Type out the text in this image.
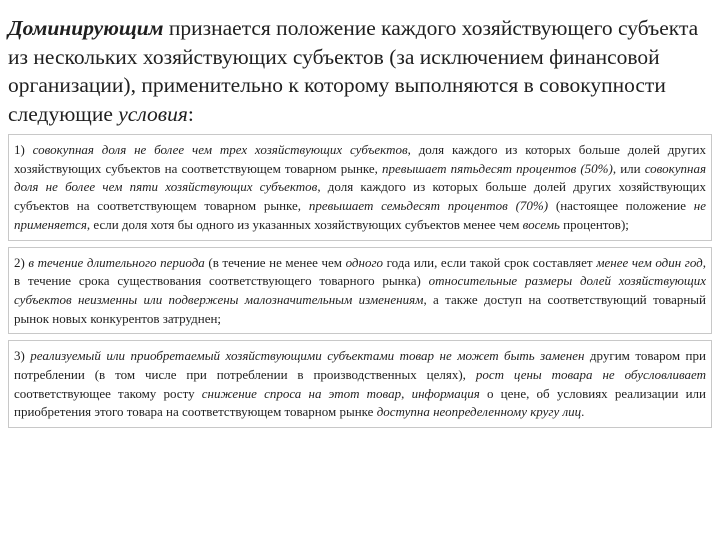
Доминирующим признается положение каждого хозяйствующего субъекта из нескольких хозяйствующих субъектов (за исключением финансовой организации), применительно к которому выполняются в совокупности следующие условия:

1) совокупная доля не более чем трех хозяйствующих субъектов, доля каждого из которых больше долей других хозяйствующих субъектов на соответствующем товарном рынке, превышает пятьдесят процентов (50%), или совокупная доля не более чем пяти хозяйствующих субъектов, доля каждого из которых больше долей других хозяйствующих субъектов на соответствующем товарном рынке, превышает семьдесят процентов (70%) (настоящее положение не применяется, если доля хотя бы одного из указанных хозяйствующих субъектов менее чем восемь процентов);
2) в течение длительного периода (в течение не менее чем одного года или, если такой срок составляет менее чем один год, в течение срока существования соответствующего товарного рынка) относительные размеры долей хозяйствующих субъектов неизменны или подвержены малозначительным изменениям, а также доступ на соответствующий товарный рынок новых конкурентов затруднен;
3) реализуемый или приобретаемый хозяйствующими субъектами товар не может быть заменен другим товаром при потреблении (в том числе при потреблении в производственных целях), рост цены товара не обусловливает соответствующее такому росту снижение спроса на этот товар, информация о цене, об условиях реализации или приобретения этого товара на соответствующем товарном рынке доступна неопределенному кругу лиц.
